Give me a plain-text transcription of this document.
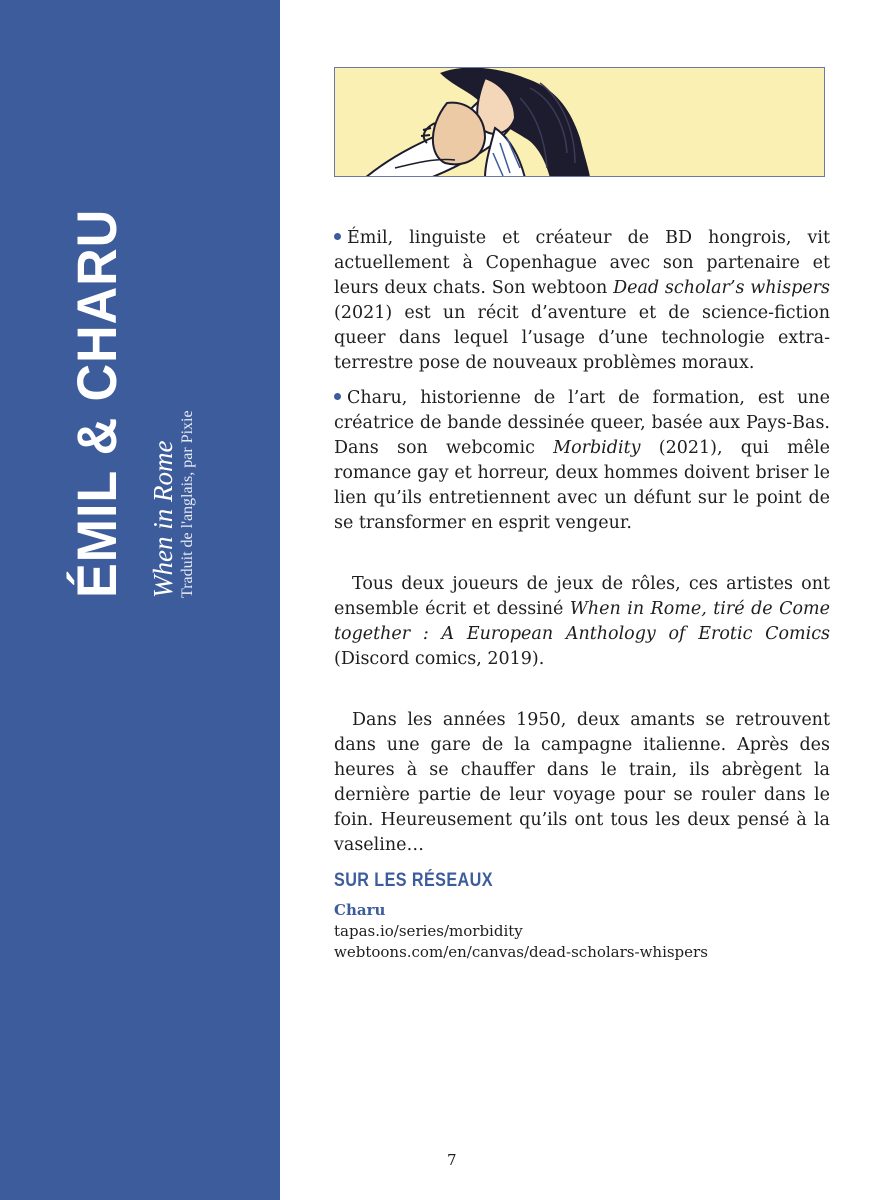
ÉMIL & CHARU When in Rome Traduit de l'anglais, par Pixie

Émil, linguiste et créateur de BD hongrois, vit actuellement à Copenhague avec son partenaire et leurs deux chats. Son webtoon Dead scholar’s whispers (2021) est un récit d’aventure et de science-fiction queer dans lequel l’usage d’une technologie extra-terrestre pose de nouveaux problèmes moraux.

Charu, historienne de l’art de formation, est une créatrice de bande dessinée queer, basée aux Pays-Bas. Dans son webcomic Morbidity (2021), qui mêle romance gay et horreur, deux hommes doivent briser le lien qu’ils entretiennent avec un défunt sur le point de se transformer en esprit vengeur.

Tous deux joueurs de jeux de rôles, ces artistes ont ensemble écrit et dessiné When in Rome, tiré de Come together : A European Anthology of Erotic Comics (Discord comics, 2019).

Dans les années 1950, deux amants se retrouvent dans une gare de la campagne italienne. Après des heures à se chauffer dans le train, ils abrègent la dernière partie de leur voyage pour se rouler dans le foin. Heureusement qu’ils ont tous les deux pensé à la vaseline…

SUR LES RÉSEAUX
Charu
tapas.io/series/morbidity
webtoons.com/en/canvas/dead-scholars-whispers
7
